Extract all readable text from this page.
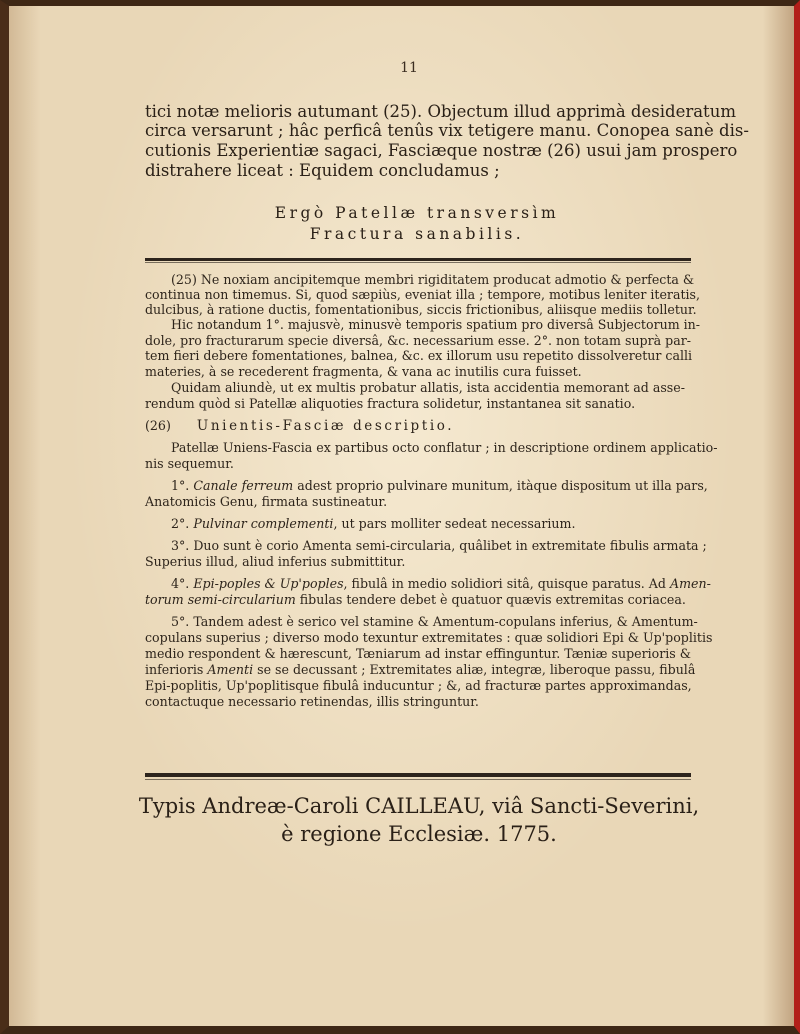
11
tici notæ melioris autumant (25). Objectum illud apprimà desideratum
circa versarunt ; hâc perficâ tenûs vix tetigere manu. Conopea sanè dis-
cutionis Experientiæ sagaci, Fasciæque nostræ (26) usui jam prospero
distrahere liceat : Equidem concludamus ;
Ergò Patellæ transversìm
Fractura sanabilis.
(25) Ne noxiam ancipitemque membri rigiditatem producat admotio & perfecta &
continua non timemus. Si, quod sæpiùs, eveniat illa ; tempore, motibus leniter iteratis,
dulcibus, à ratione ductis, fomentationibus, siccis frictionibus, aliisque mediis tolletur.
Hic notandum 1°. majusvè, minusvè temporis spatium pro diversâ Subjectorum in-
dole, pro fracturarum specie diversâ, &c. necessarium esse. 2°. non totam suprà par-
tem fieri debere fomentationes, balnea, &c. ex illorum usu repetito dissolveretur calli
materies, à se recederent fragmenta, & vana ac inutilis cura fuisset.
Quidam aliundè, ut ex multis probatur allatis, ista accidentia memorant ad asse-
rendum quòd si Patellæ aliquoties fractura solidetur, instantanea sit sanatio.
(26) Unientis-Fasciæ descriptio.
Patellæ Uniens-Fascia ex partibus octo conflatur ; in descriptione ordinem applicatio-
nis sequemur.
1°. Canale ferreum adest proprio pulvinare munitum, itàque dispositum ut illa pars,
Anatomicis Genu, firmata sustineatur.
2°. Pulvinar complementi, ut pars molliter sedeat necessarium.
3°. Duo sunt è corio Amenta semi-circularia, quâlibet in extremitate fibulis armata ;
Superius illud, aliud inferius submittitur.
4°. Epi-poples & Up'poples, fibulâ in medio solidiori sitâ, quisque paratus. Ad Amen-
torum semi-circularium fibulas tendere debet è quatuor quævis extremitas coriacea.
5°. Tandem adest è serico vel stamine & Amentum-copulans inferius, & Amentum-
copulans superius ; diverso modo texuntur extremitates : quæ solidiori Epi & Up'poplitis
medio respondent & hærescunt, Tæniarum ad instar effinguntur. Tæniæ superioris &
inferioris Amenti se se decussant ; Extremitates aliæ, integræ, liberoque passu, fibulâ
Epi-poplitis, Up'poplitisque fibulâ inducuntur ; &, ad fracturæ partes approximandas,
contactuque necessario retinendas, illis stringuntur.
Typis Andreæ-Caroli CAILLEAU, viâ Sancti-Severini,
è regione Ecclesiæ. 1775.
